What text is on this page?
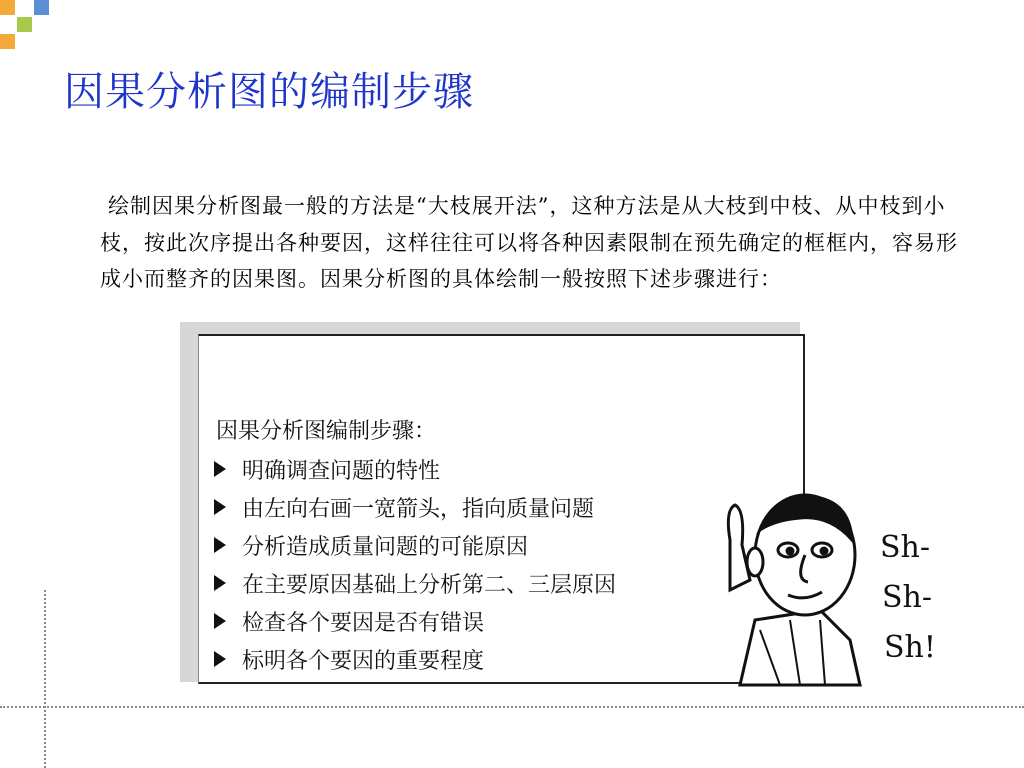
因果分析图的编制步骤
绘制因果分析图最一般的方法是“大枝展开法”，这种方法是从大枝到中枝、从中枝到小枝，按此次序提出各种要因，这样往往可以将各种因素限制在预先确定的框框内，容易形成小而整齐的因果图。因果分析图的具体绘制一般按照下述步骤进行：
因果分析图编制步骤：
明确调查问题的特性
由左向右画一宽箭头，指向质量问题
分析造成质量问题的可能原因
在主要原因基础上分析第二、三层原因
检查各个要因是否有错误
标明各个要因的重要程度
Sh-
Sh-
Sh!
